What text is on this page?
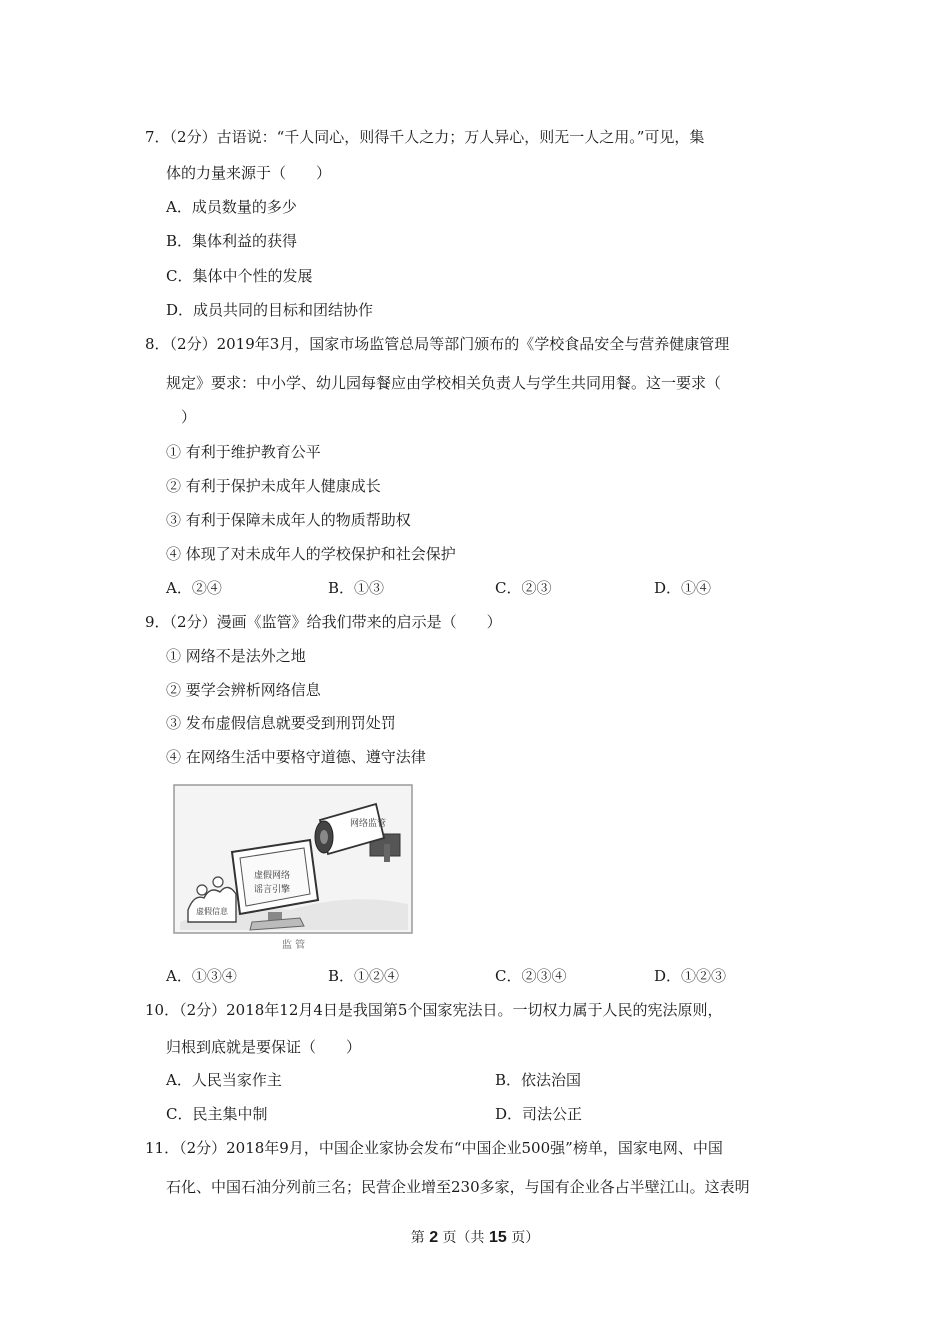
7．（2分）古语说：“千人同心，则得千人之力；万人异心，则无一人之用。”可见，集
体的力量来源于（　　）
A．成员数量的多少
B．集体利益的获得
C．集体中个性的发展
D．成员共同的目标和团结协作
8．（2分）2019年3月，国家市场监管总局等部门颁布的《学校食品安全与营养健康管理
规定》要求：中小学、幼儿园每餐应由学校相关负责人与学生共同用餐。这一要求（
　）
① 有利于维护教育公平
② 有利于保护未成年人健康成长
③ 有利于保障未成年人的物质帮助权
④ 体现了对未成年人的学校保护和社会保护
A．②④	B．①③	C．②③	D．①④
9．（2分）漫画《监管》给我们带来的启示是（　　）
① 网络不是法外之地
② 要学会辨析网络信息
③ 发布虚假信息就要受到刑罚处罚
④ 在网络生活中要格守道德、遵守法律
网络监管
虚假网络
谣言引擎
虚假信息
监 管
A．①③④	B．①②④	C．②③④	D．①②③
10．（2分）2018年12月4日是我国第5个国家宪法日。一切权力属于人民的宪法原则，
归根到底就是要保证（　　）
A．人民当家作主	B．依法治国
C．民主集中制	D．司法公正
11．（2分）2018年9月，中国企业家协会发布“中国企业500强”榜单，国家电网、中国
石化、中国石油分列前三名；民营企业增至230多家，与国有企业各占半壁江山。这表明
第 2 页（共 15 页）
